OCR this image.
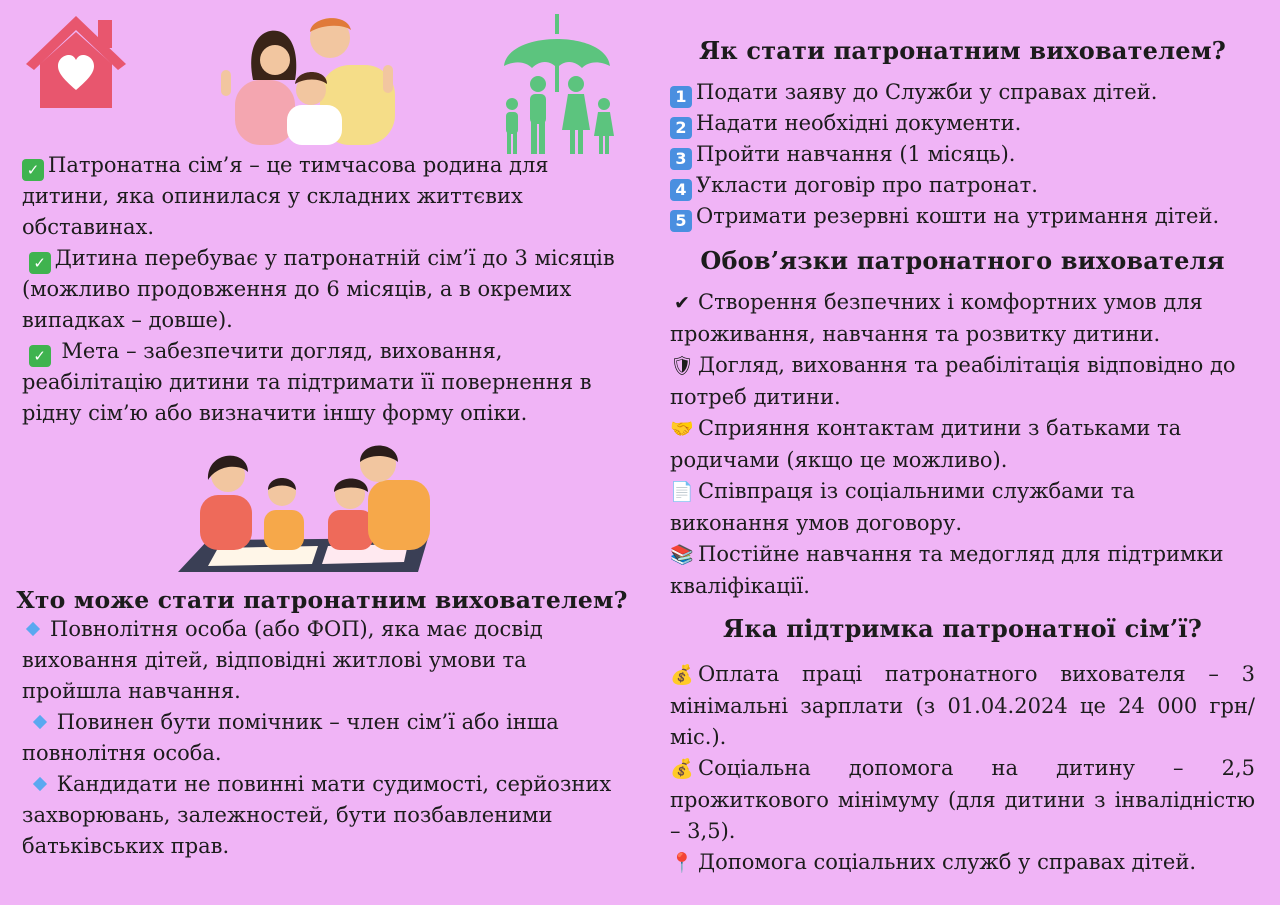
✓ Патронатна сім’я – це тимчасова родина для дитини, яка опинилася у складних життєвих обставинах.

✓ Дитина перебуває у патронатній сім’ї до 3 місяців (можливо продовження до 6 місяців, а в окремих випадках – довше).

✓ Мета – забезпечити догляд, виховання, реабілітацію дитини та підтримати її повернення в рідну сім’ю або визначити іншу форму опіки.

Хто може стати патронатним вихователем?

Повнолітня особа (або ФОП), яка має досвід виховання дітей, відповідні житлові умови та пройшла навчання.

Повинен бути помічник – член сім’ї або інша повнолітня особа.

Кандидати не повинні мати судимості, серйозних захворювань, залежностей, бути позбавленими батьківських прав.

Як стати патронатним вихователем?

1 Подати заяву до Служби у справах дітей.

2 Надати необхідні документи.

3 Пройти навчання (1 місяць).

4 Укласти договір про патронат.

5 Отримати резервні кошти на утримання дітей.

Обов’язки патронатного вихователя

✔ Створення безпечних і комфортних умов для проживання, навчання та розвитку дитини.

🛡 Догляд, виховання та реабілітація відповідно до потреб дитини.

🤝 Сприяння контактам дитини з батьками та родичами (якщо це можливо).

📄 Співпраця із соціальними службами та виконання умов договору.

📚 Постійне навчання та медогляд для підтримки кваліфікації.

Яка підтримка патронатної сім’ї?

💰 Оплата праці патронатного вихователя – 3 мінімальні зарплати (з 01.04.2024 це 24 000 грн/міс.).

💰 Соціальна допомога на дитину – 2,5 прожиткового мінімуму (для дитини з інвалідністю – 3,5).

📍 Допомога соціальних служб у справах дітей.
